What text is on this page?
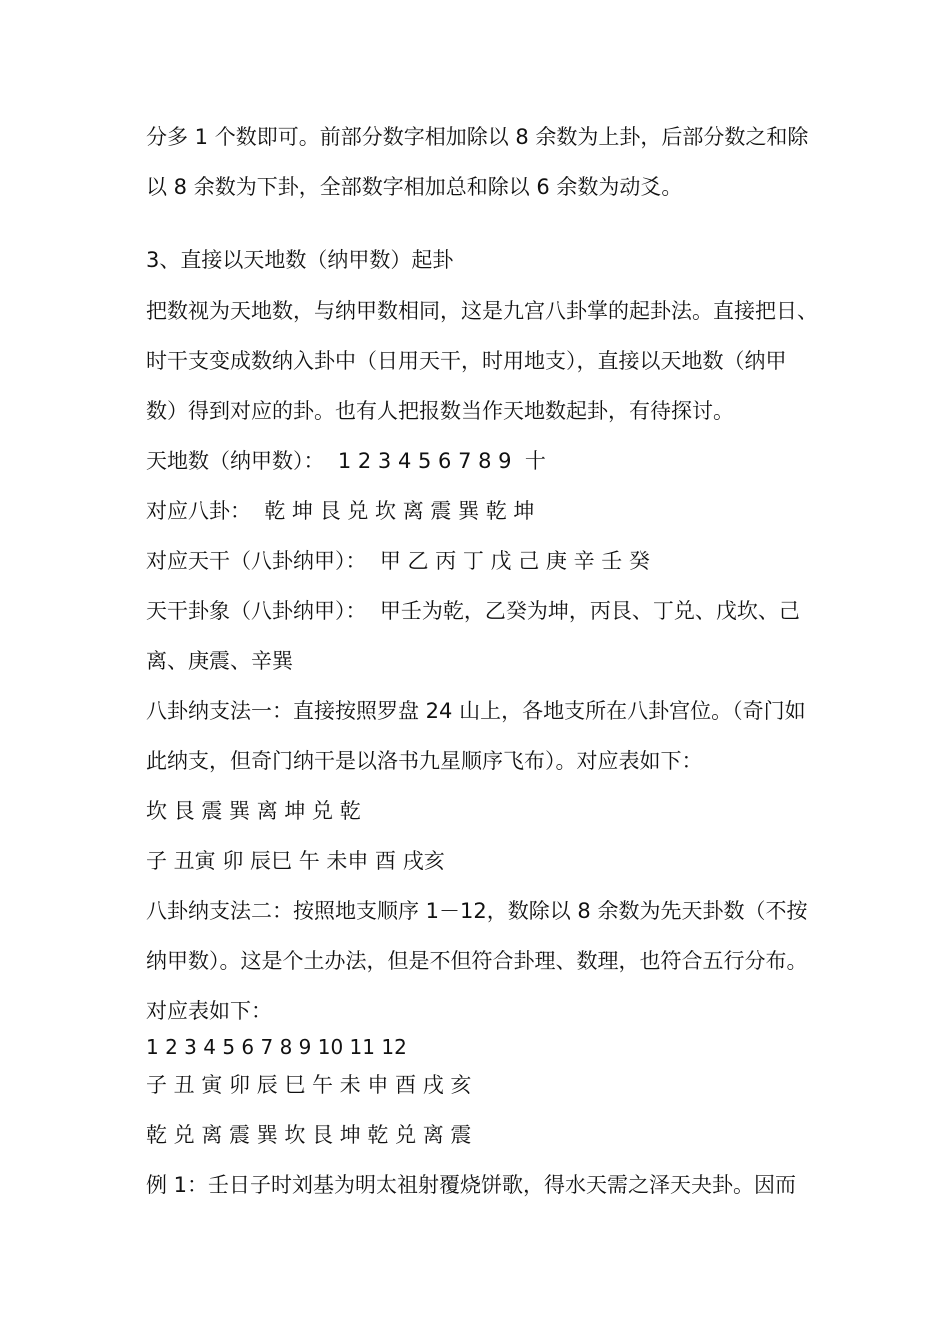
分多 1 个数即可。前部分数字相加除以 8 余数为上卦，后部分数之和除
以 8 余数为下卦，全部数字相加总和除以 6 余数为动爻。
3、直接以天地数（纳甲数）起卦
把数视为天地数，与纳甲数相同，这是九宫八卦掌的起卦法。直接把日、
时干支变成数纳入卦中（日用天干，时用地支），直接以天地数（纳甲
数）得到对应的卦。也有人把报数当作天地数起卦，有待探讨。
天地数（纳甲数）：  1 2 3 4 5 6 7 8 9  十
对应八卦：  乾 坤 艮 兑 坎 离 震 巽 乾 坤
对应天干（八卦纳甲）：  甲 乙 丙 丁 戊 己 庚 辛 壬 癸
天干卦象（八卦纳甲）：  甲壬为乾，乙癸为坤，丙艮、丁兑、戊坎、己
离、庚震、辛巽
八卦纳支法一：直接按照罗盘 24 山上，各地支所在八卦宫位。（奇门如
此纳支，但奇门纳干是以洛书九星顺序飞布）。对应表如下：
坎 艮 震 巽 离 坤 兑 乾
子 丑寅 卯 辰巳 午 未申 酉 戌亥
八卦纳支法二：按照地支顺序 1－12，数除以 8 余数为先天卦数（不按
纳甲数）。这是个土办法，但是不但符合卦理、数理，也符合五行分布。
对应表如下：
1 2 3 4 5 6 7 8 9 10 11 12
子 丑 寅 卯 辰 巳 午 未 申 酉 戌 亥
乾 兑 离 震 巽 坎 艮 坤 乾 兑 离 震
例 1：壬日子时刘基为明太祖射覆烧饼歌，得水天需之泽天夬卦。因而
